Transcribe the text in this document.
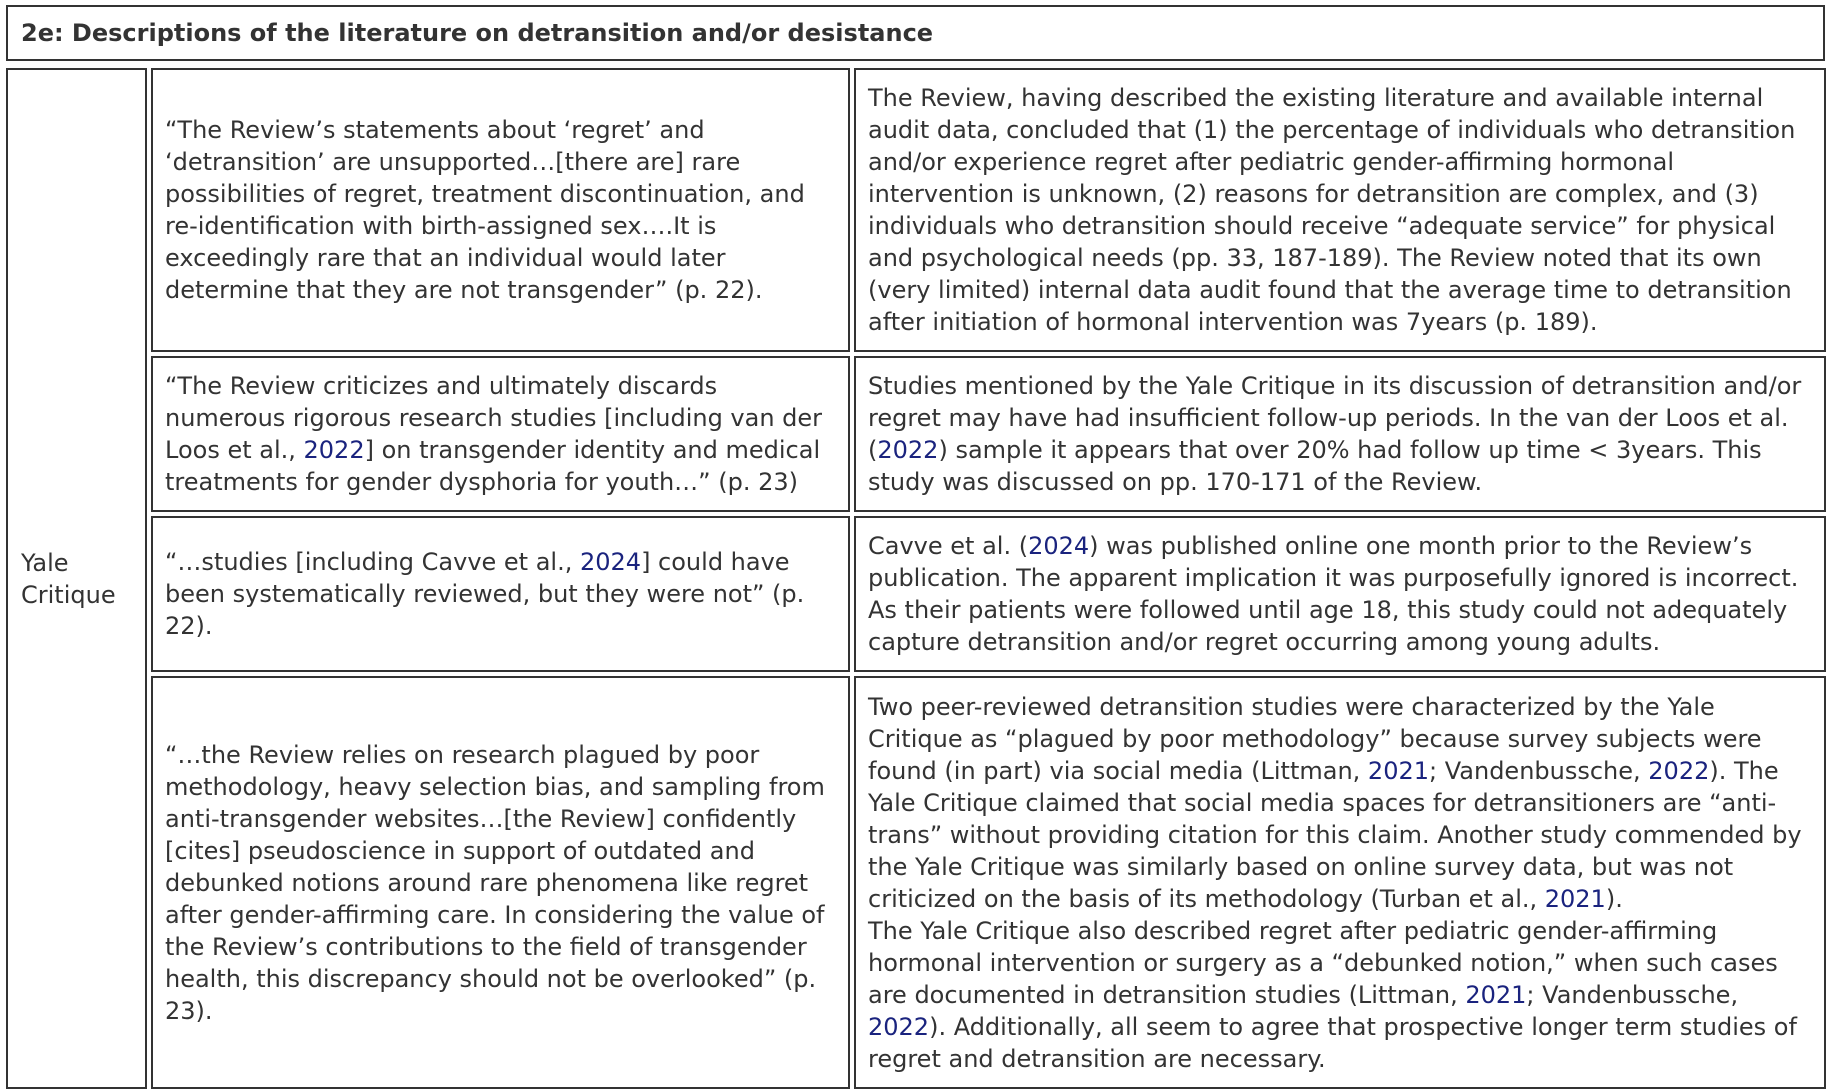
2e: Descriptions of the literature on detransition and/or desistance
Yale
Critique

“The Review’s statements about ‘regret’ and ‘detransition’ are unsupported…[there are] rare possibilities of regret, treatment discontinuation, and re-identification with birth-assigned sex….It is exceedingly rare that an individual would later determine that they are not transgender” (p. 22).

The Review, having described the existing literature and available internal audit data, concluded that (1) the percentage of individuals who detransition and/or experience regret after pediatric gender-affirming hormonal intervention is unknown, (2) reasons for detransition are complex, and (3) individuals who detransition should receive “adequate service” for physical and psychological needs (pp. 33, 187-189). The Review noted that its own (very limited) internal data audit found that the average time to detransition after initiation of hormonal intervention was 7years (p. 189).

“The Review criticizes and ultimately discards numerous rigorous research studies [including van der Loos et al., 2022] on transgender identity and medical treatments for gender dysphoria for youth…” (p. 23)

Studies mentioned by the Yale Critique in its discussion of detransition and/or regret may have had insufficient follow-up periods. In the van der Loos et al. (2022) sample it appears that over 20% had follow up time < 3years. This study was discussed on pp. 170-171 of the Review.

“…studies [including Cavve et al., 2024] could have been systematically reviewed, but they were not” (p. 22).

Cavve et al. (2024) was published online one month prior to the Review’s publication. The apparent implication it was purposefully ignored is incorrect. As their patients were followed until age 18, this study could not adequately capture detransition and/or regret occurring among young adults.

“…the Review relies on research plagued by poor methodology, heavy selection bias, and sampling from anti-transgender websites…[the Review] confidently [cites] pseudoscience in support of outdated and debunked notions around rare phenomena like regret after gender-affirming care. In considering the value of the Review’s contributions to the field of transgender health, this discrepancy should not be overlooked” (p. 23).

Two peer-reviewed detransition studies were characterized by the Yale Critique as “plagued by poor methodology” because survey subjects were found (in part) via social media (Littman, 2021; Vandenbussche, 2022). The Yale Critique claimed that social media spaces for detransitioners are “anti-trans” without providing citation for this claim. Another study commended by the Yale Critique was similarly based on online survey data, but was not criticized on the basis of its methodology (Turban et al., 2021).

The Yale Critique also described regret after pediatric gender-affirming hormonal intervention or surgery as a “debunked notion,” when such cases are documented in detransition studies (Littman, 2021; Vandenbussche, 2022). Additionally, all seem to agree that prospective longer term studies of regret and detransition are necessary.
